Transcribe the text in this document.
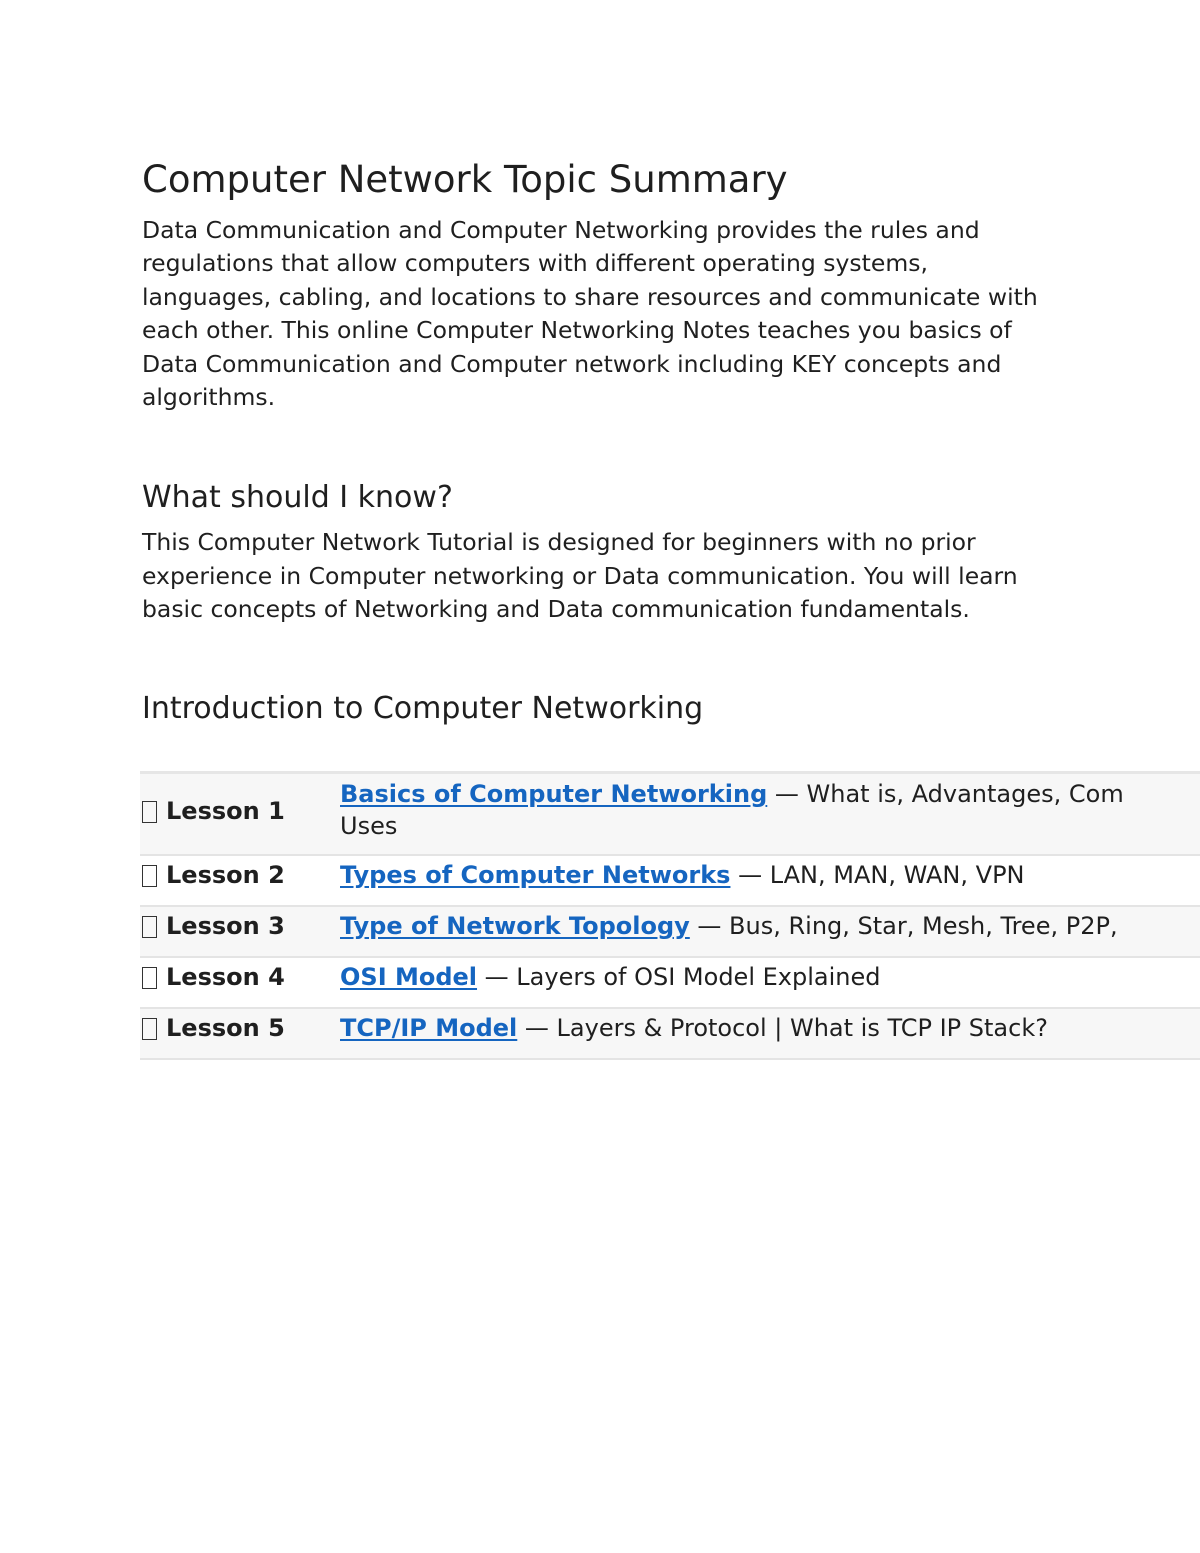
Computer Network Topic Summary

Data Communication and Computer Networking provides the rules and regulations that allow computers with different operating systems, languages, cabling, and locations to share resources and communicate with each other. This online Computer Networking Notes teaches you basics of Data Communication and Computer network including KEY concepts and algorithms.

What should I know?

This Computer Network Tutorial is designed for beginners with no prior experience in Computer networking or Data communication. You will learn basic concepts of Networking and Data communication fundamentals.

Introduction to Computer Networking
Lesson 1
Basics of Computer Networking — What is, Advantages, Com
Uses
Lesson 2 Types of Computer Networks — LAN, MAN, WAN, VPN
Lesson 3 Type of Network Topology — Bus, Ring, Star, Mesh, Tree, P2P,
Lesson 4 OSI Model — Layers of OSI Model Explained
Lesson 5 TCP/IP Model — Layers & Protocol | What is TCP IP Stack?
